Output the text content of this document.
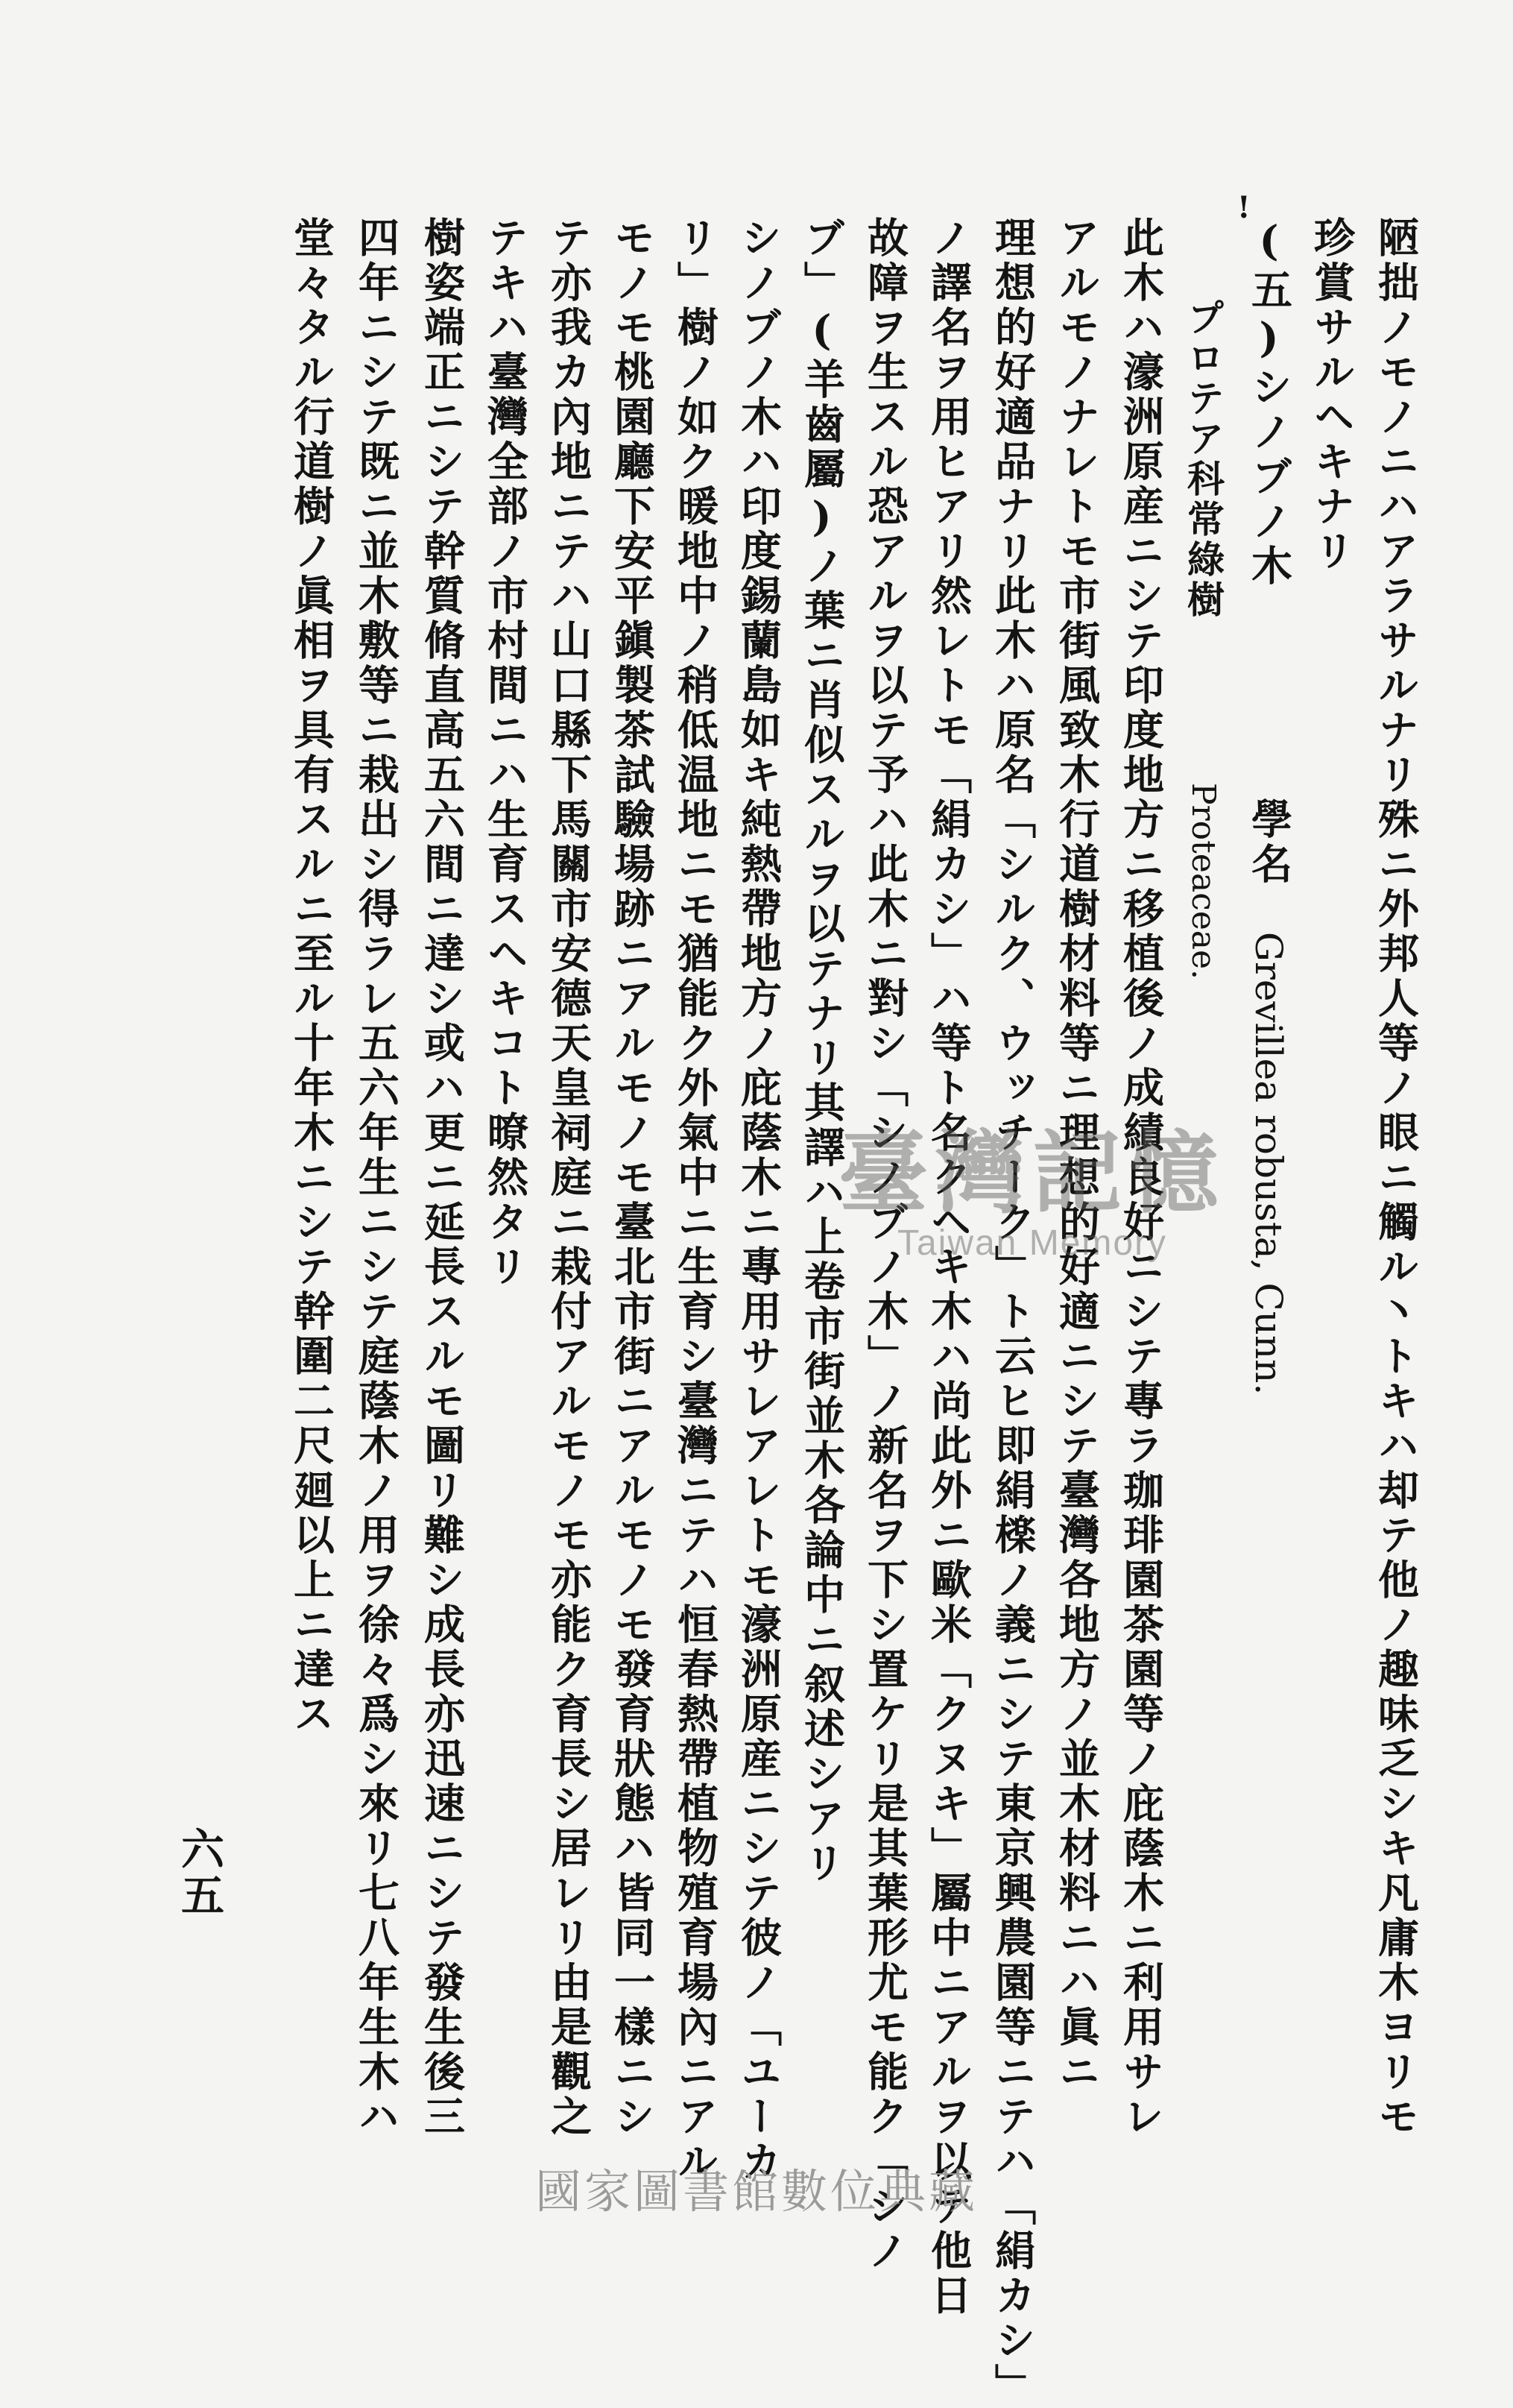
陋拙ノモノニハアラサルナリ殊ニ外邦人等ノ眼ニ觸ル丶トキハ却テ他ノ趣味乏シキ凡庸木ヨリモ
珍賞サルヘキナリ
(五)シノブノ木
プロテア科常綠樹
Proteaceae. 學名
Grevillea robusta, Cunn.
此木ハ濠洲原産ニシテ印度地方ニ移植後ノ成績良好ニシテ專ラ珈琲園茶園等ノ庇蔭木ニ利用サレ
アルモノナレトモ市街風致木行道樹材料等ニ理想的好適ニシテ臺灣各地方ノ並木材料ニハ眞ニ
理想的好適品ナリ此木ハ原名「シルク、ウッチーク」ト云ヒ即絹檪ノ義ニシテ東京興農園等ニテハ「絹カシ」
ノ譯名ヲ用ヒアリ然レトモ「絹カシ」ハ等ト名クヘキ木ハ尚此外ニ歐米「クヌキ」屬中ニアルヲ以テ他日
故障ヲ生スル恐アルヲ以テ予ハ此木ニ對シ「シノブノ木」ノ新名ヲ下シ置ケリ是其葉形尤モ能ク「シノ
ブ」(羊齒屬)ノ葉ニ肖似スルヲ以テナリ其譯ハ上卷市街並木各論中ニ叙述シアリ
シノブノ木ハ印度錫蘭島如キ純熱帶地方ノ庇蔭木ニ專用サレアレトモ濠洲原産ニシテ彼ノ「ユーカ
リ」樹ノ如ク暖地中ノ稍低温地ニモ猶能ク外氣中ニ生育シ臺灣ニテハ恒春熱帶植物殖育場內ニアル
モノモ桃園廳下安平鎭製茶試驗場跡ニアルモノモ臺北市街ニアルモノモ發育狀態ハ皆同一樣ニシ
テ亦我カ內地ニテハ山口縣下馬關市安德天皇祠庭ニ栽付アルモノモ亦能ク育長シ居レリ由是觀之
テキハ臺灣全部ノ市村間ニハ生育スヘキコト暸然タリ
樹姿端正ニシテ幹質脩直高五六間ニ達シ或ハ更ニ延長スルモ圖リ難シ成長亦迅速ニシテ發生後三
四年ニシテ既ニ並木敷等ニ栽出シ得ラレ五六年生ニシテ庭蔭木ノ用ヲ徐々爲シ來リ七八年生木ハ
堂々タル行道樹ノ眞相ヲ具有スルニ至ル十年木ニシテ幹圍二尺廻以上ニ達ス
六五
!
臺灣記憶
Taiwan Memory
國家圖書館數位典藏
